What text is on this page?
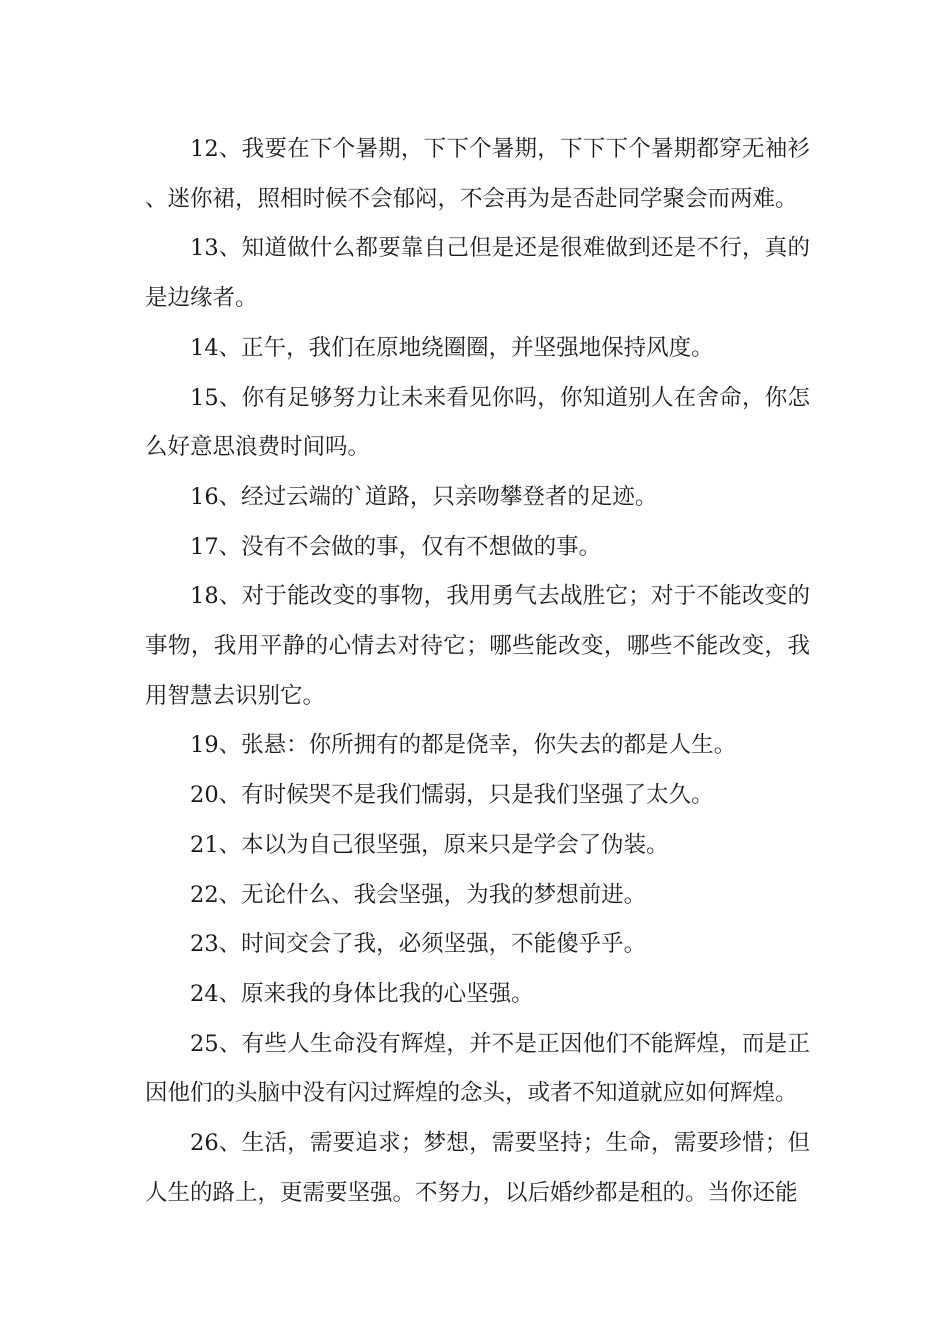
12、我要在下个暑期，下下个暑期，下下下个暑期都穿无袖衫、迷你裙，照相时候不会郁闷，不会再为是否赴同学聚会而两难。

13、知道做什么都要靠自己但是还是很难做到还是不行，真的是边缘者。

14、正午，我们在原地绕圈圈，并坚强地保持风度。

15、你有足够努力让未来看见你吗，你知道别人在舍命，你怎么好意思浪费时间吗。

16、经过云端的`道路，只亲吻攀登者的足迹。

17、没有不会做的事，仅有不想做的事。

18、对于能改变的事物，我用勇气去战胜它；对于不能改变的事物，我用平静的心情去对待它；哪些能改变，哪些不能改变，我用智慧去识别它。

19、张悬：你所拥有的都是侥幸，你失去的都是人生。

20、有时候哭不是我们懦弱，只是我们坚强了太久。

21、本以为自己很坚强，原来只是学会了伪装。

22、无论什么、我会坚强，为我的梦想前进。

23、时间交会了我，必须坚强，不能傻乎乎。

24、原来我的身体比我的心坚强。

25、有些人生命没有辉煌，并不是正因他们不能辉煌，而是正因他们的头脑中没有闪过辉煌的念头，或者不知道就应如何辉煌。

26、生活，需要追求；梦想，需要坚持；生命，需要珍惜；但人生的路上，更需要坚强。不努力，以后婚纱都是租的。当你还能
